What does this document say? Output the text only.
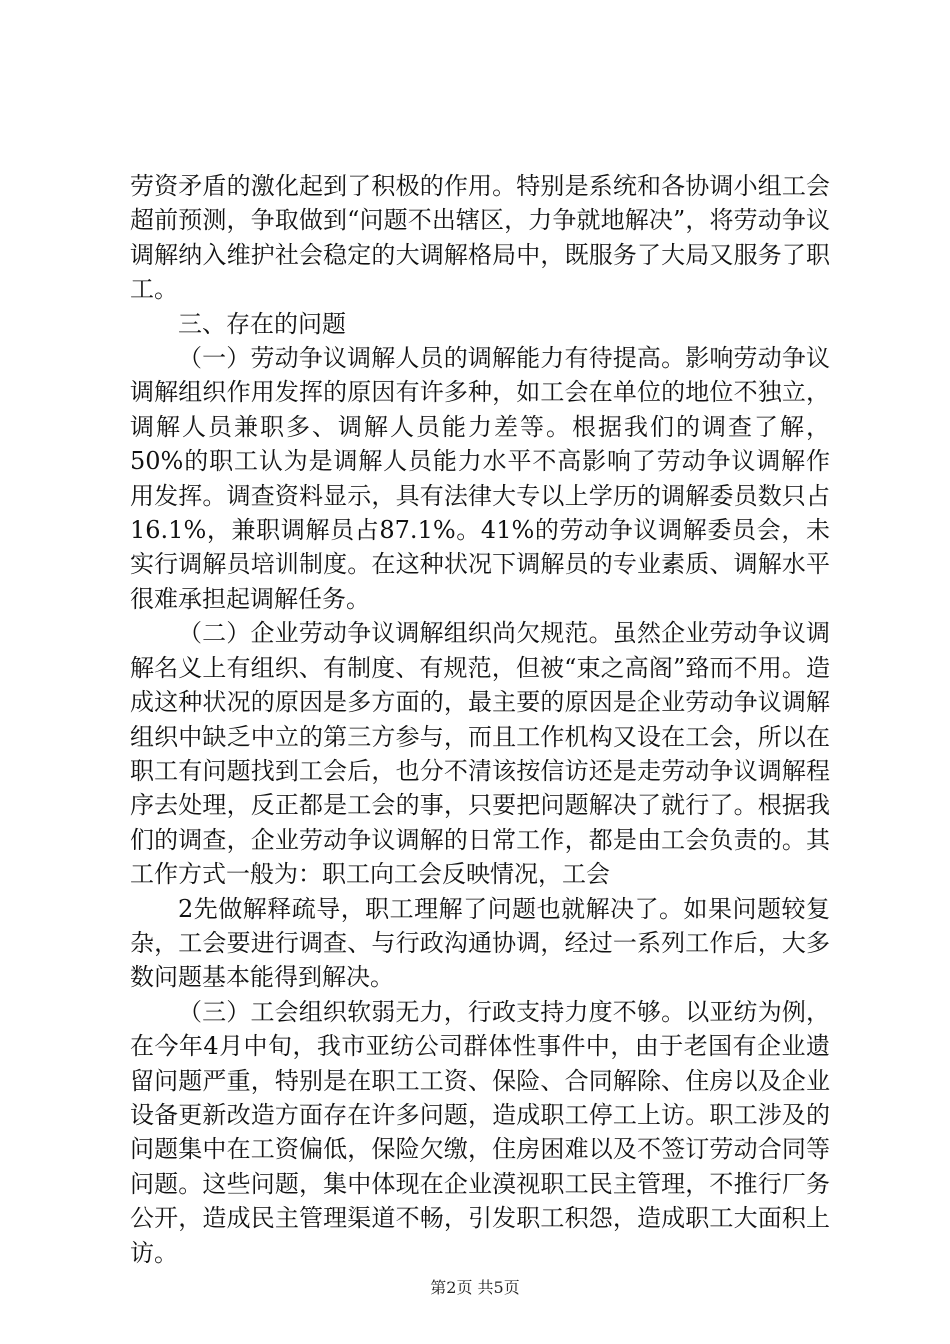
劳资矛盾的激化起到了积极的作用。特别是系统和各协调小组工会超前预测，争取做到“问题不出辖区，力争就地解决”，将劳动争议调解纳入维护社会稳定的大调解格局中，既服务了大局又服务了职工。

三、存在的问题

（一）劳动争议调解人员的调解能力有待提高。影响劳动争议调解组织作用发挥的原因有许多种，如工会在单位的地位不独立，调解人员兼职多、调解人员能力差等。根据我们的调查了解，50%的职工认为是调解人员能力水平不高影响了劳动争议调解作用发挥。调查资料显示，具有法律大专以上学历的调解委员数只占16.1%，兼职调解员占87.1%。41%的劳动争议调解委员会，未实行调解员培训制度。在这种状况下调解员的专业素质、调解水平很难承担起调解任务。

（二）企业劳动争议调解组织尚欠规范。虽然企业劳动争议调解名义上有组织、有制度、有规范，但被“束之高阁”臵而不用。造成这种状况的原因是多方面的，最主要的原因是企业劳动争议调解组织中缺乏中立的第三方参与，而且工作机构又设在工会，所以在职工有问题找到工会后，也分不清该按信访还是走劳动争议调解程序去处理，反正都是工会的事，只要把问题解决了就行了。根据我们的调查，企业劳动争议调解的日常工作，都是由工会负责的。其工作方式一般为：职工向工会反映情况，工会

2先做解释疏导，职工理解了问题也就解决了。如果问题较复杂，工会要进行调查、与行政沟通协调，经过一系列工作后，大多数问题基本能得到解决。

（三）工会组织软弱无力，行政支持力度不够。以亚纺为例，在今年4月中旬，我市亚纺公司群体性事件中，由于老国有企业遗留问题严重，特别是在职工工资、保险、合同解除、住房以及企业设备更新改造方面存在许多问题，造成职工停工上访。职工涉及的问题集中在工资偏低，保险欠缴，住房困难以及不签订劳动合同等问题。这些问题，集中体现在企业漠视职工民主管理，不推行厂务公开，造成民主管理渠道不畅，引发职工积怨，造成职工大面积上访。

第2页 共5页
